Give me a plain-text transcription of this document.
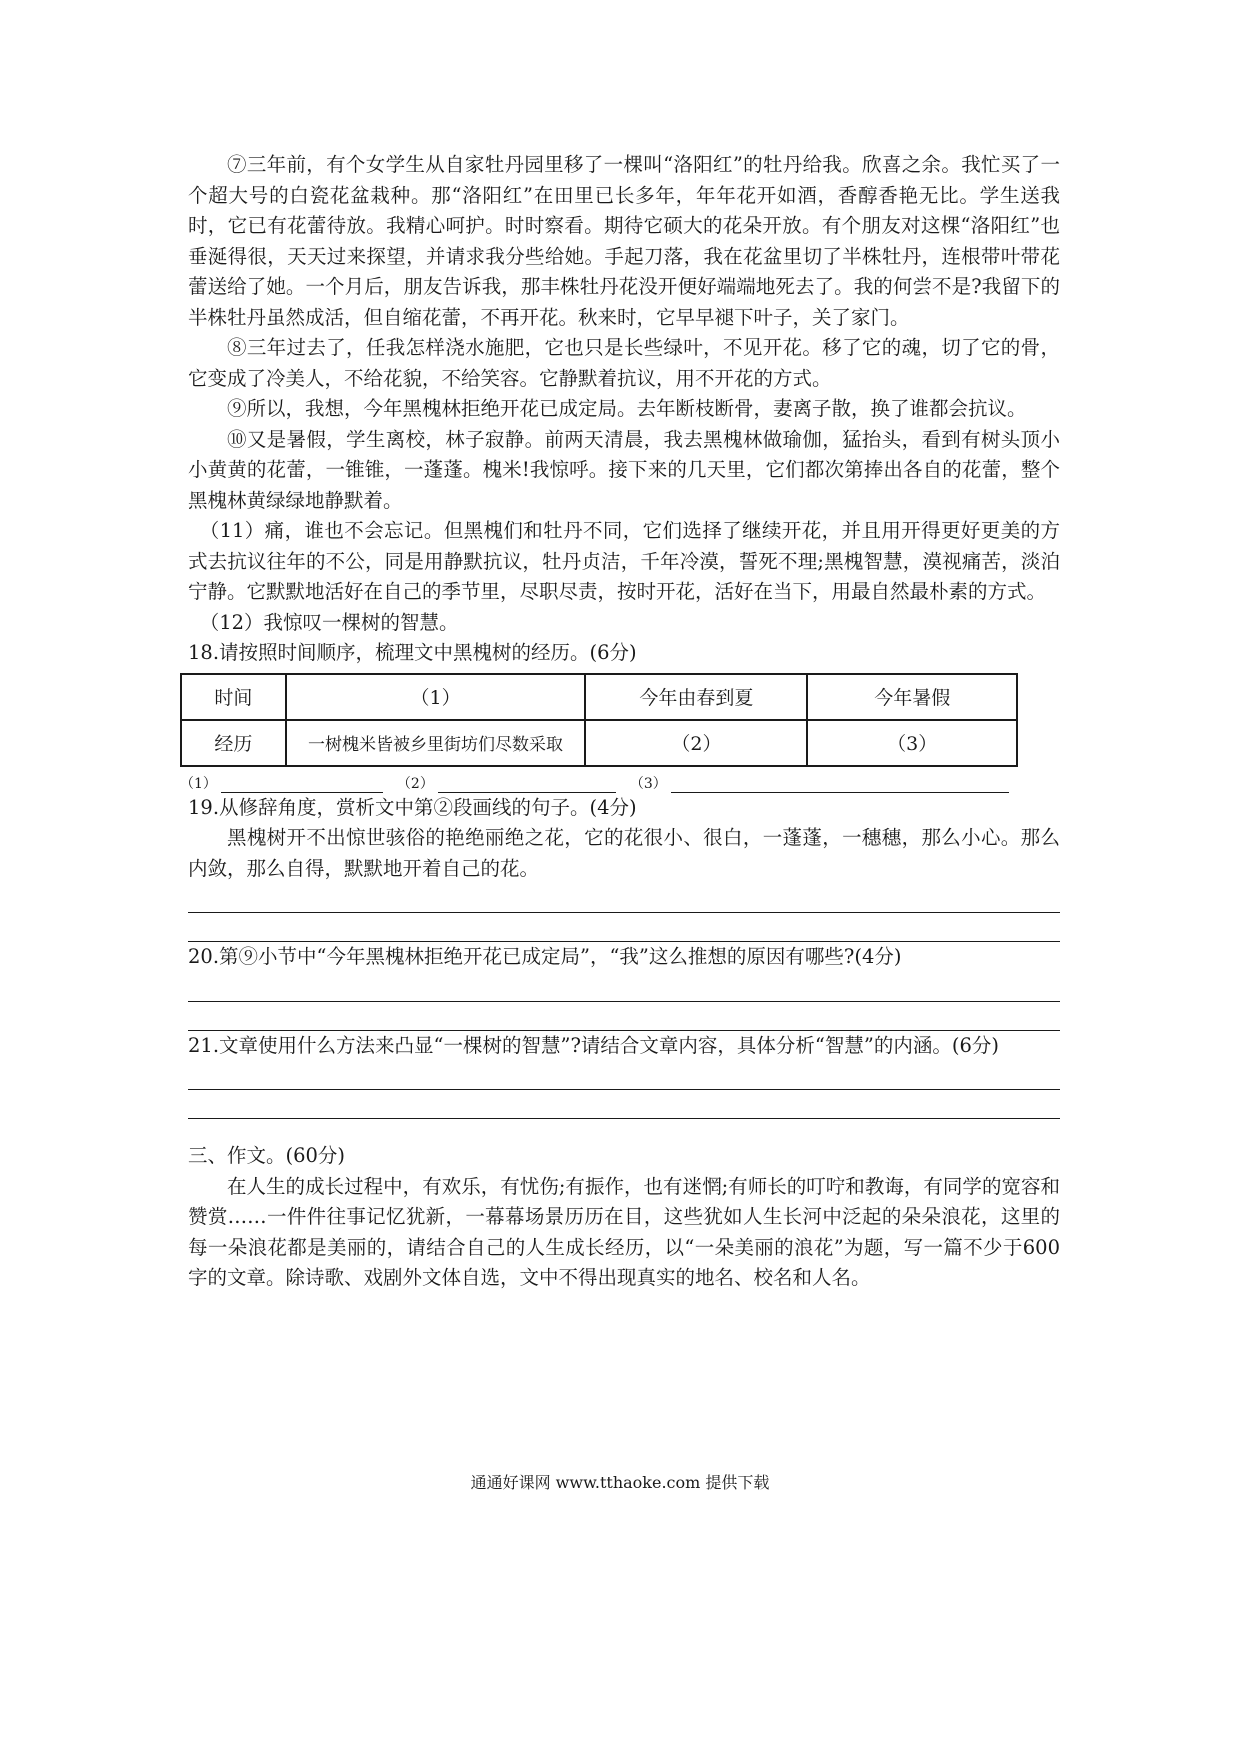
⑦三年前，有个女学生从自家牡丹园里移了一棵叫“洛阳红”的牡丹给我。欣喜之余。我忙买了一个超大号的白瓷花盆栽种。那“洛阳红”在田里已长多年，年年花开如酒，香醇香艳无比。学生送我时，它已有花蕾待放。我精心呵护。时时察看。期待它硕大的花朵开放。有个朋友对这棵“洛阳红”也垂涎得很，天天过来探望，并请求我分些给她。手起刀落，我在花盆里切了半株牡丹，连根带叶带花蕾送给了她。一个月后，朋友告诉我，那丰株牡丹花没开便好端端地死去了。我的何尝不是?我留下的半株牡丹虽然成活，但自缩花蕾，不再开花。秋来时，它早早褪下叶子，关了家门。

⑧三年过去了，任我怎样浇水施肥，它也只是长些绿叶，不见开花。移了它的魂，切了它的骨，它变成了冷美人，不给花貌，不给笑容。它静默着抗议，用不开花的方式。

⑨所以，我想，今年黑槐林拒绝开花已成定局。去年断枝断骨，妻离子散，换了谁都会抗议。

⑩又是暑假，学生离校，林子寂静。前两天清晨，我去黑槐林做瑜伽，猛抬头，看到有树头顶小小黄黄的花蕾，一锥锥，一蓬蓬。槐米!我惊呼。接下来的几天里，它们都次第捧出各自的花蕾，整个黑槐林黄绿绿地静默着。

（11）痛，谁也不会忘记。但黑槐们和牡丹不同，它们选择了继续开花，并且用开得更好更美的方式去抗议往年的不公，同是用静默抗议，牡丹贞洁，千年冷漠，誓死不理;黑槐智慧，漠视痛苦，淡泊宁静。它默默地活好在自己的季节里，尽职尽责，按时开花，活好在当下，用最自然最朴素的方式。

（12）我惊叹一棵树的智慧。

18.请按照时间顺序，梳理文中黑槐树的经历。(6分)

时间	（1）	今年由春到夏	今年暑假
经历	一树槐米皆被乡里街坊们尽数采取	（2）	（3）
（1）	（2）	（3）

19.从修辞角度，赏析文中第②段画线的句子。(4分)

黑槐树开不出惊世骇俗的艳绝丽绝之花，它的花很小、很白，一蓬蓬，一穗穗，那么小心。那么内敛，那么自得，默默地开着自己的花。

20.第⑨小节中“今年黑槐林拒绝开花已成定局”，“我”这么推想的原因有哪些?(4分)

21.文章使用什么方法来凸显“一棵树的智慧”?请结合文章内容，具体分析“智慧”的内涵。(6分)

三、作文。(60分)

在人生的成长过程中，有欢乐，有忧伤;有振作，也有迷惘;有师长的叮咛和教诲，有同学的宽容和赞赏……一件件往事记忆犹新，一幕幕场景历历在目，这些犹如人生长河中泛起的朵朵浪花，这里的每一朵浪花都是美丽的，请结合自己的人生成长经历，以“一朵美丽的浪花”为题，写一篇不少于600字的文章。除诗歌、戏剧外文体自选，文中不得出现真实的地名、校名和人名。

通通好课网 www.tthaoke.com 提供下载
